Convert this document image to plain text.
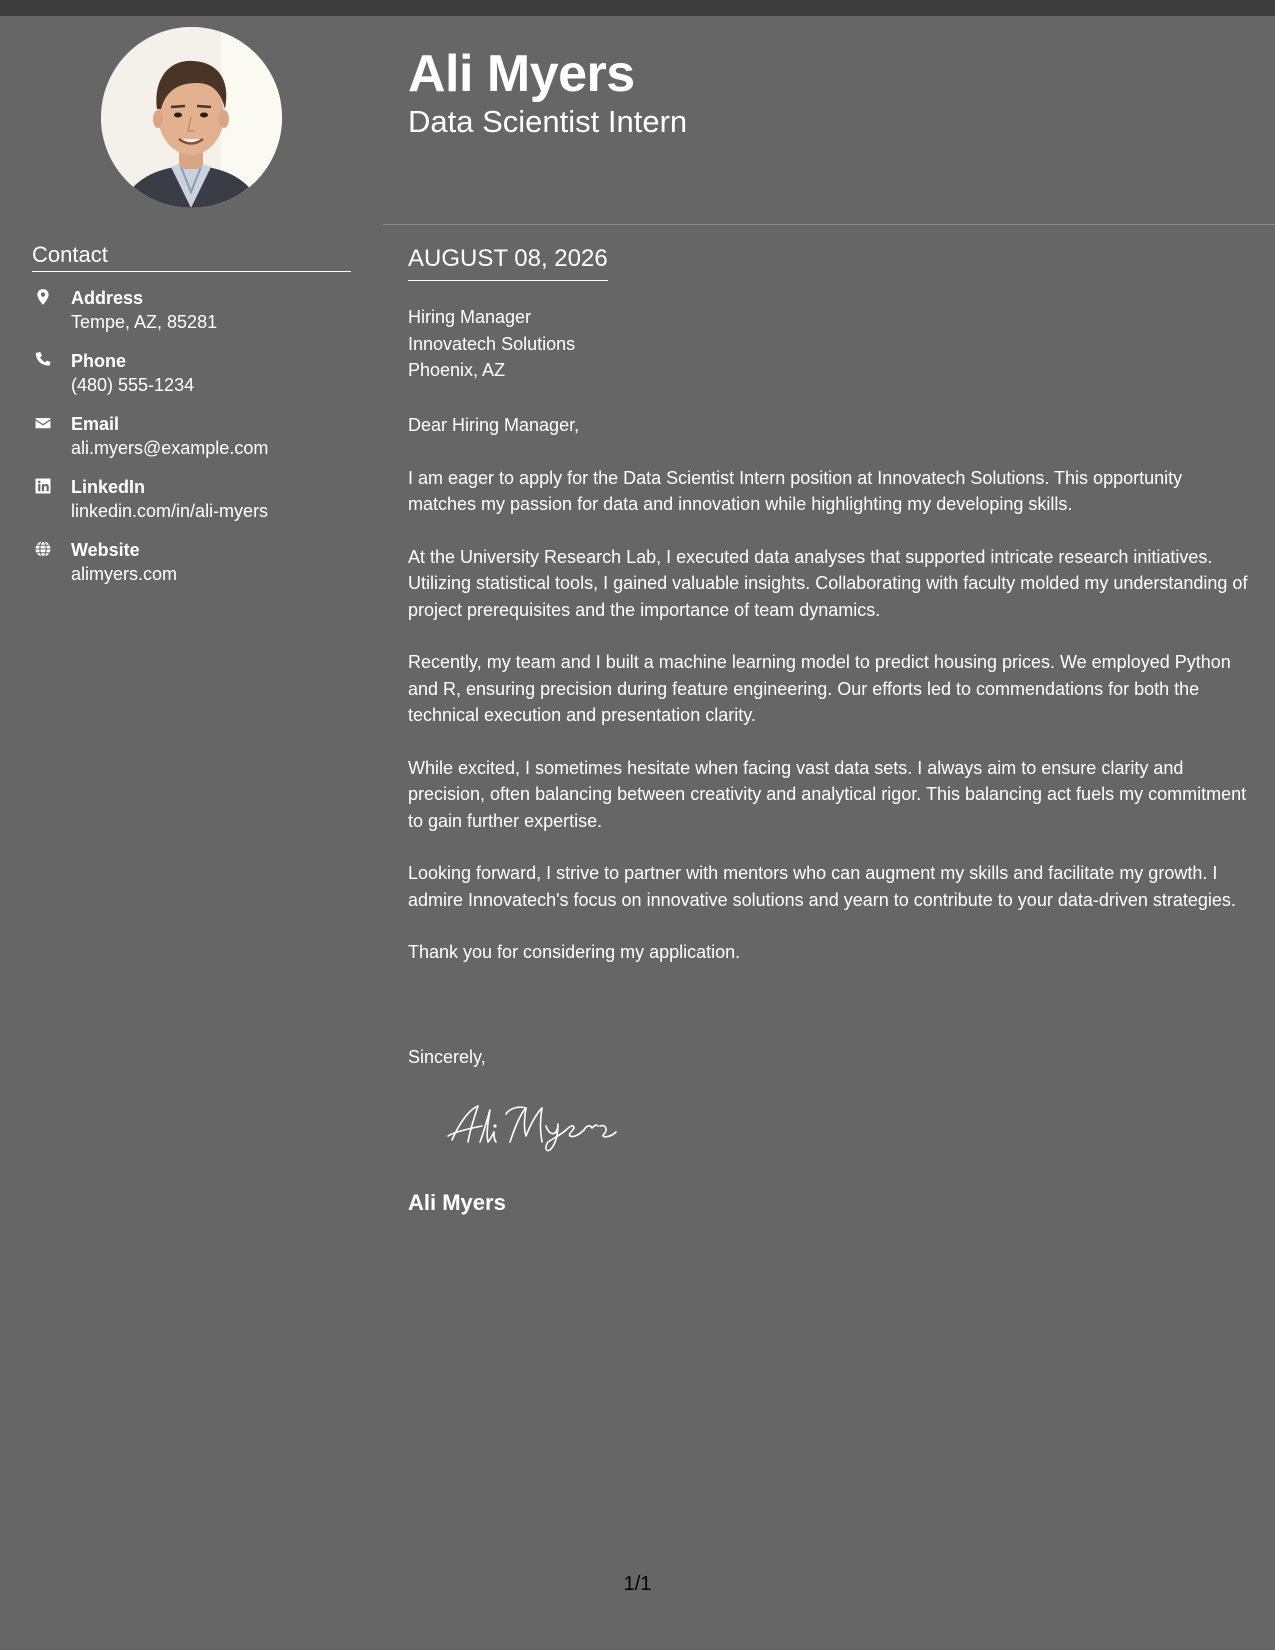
Contact
Address
Tempe, AZ, 85281
Phone
(480) 555-1234
Email
ali.myers@example.com
LinkedIn
linkedin.com/in/ali-myers
Website
alimyers.com
Ali Myers
Data Scientist Intern
AUGUST 08, 2026
Hiring Manager
Innovatech Solutions
Phoenix, AZ

Dear Hiring Manager,

I am eager to apply for the Data Scientist Intern position at Innovatech Solutions. This opportunity matches my passion for data and innovation while highlighting my developing skills.

At the University Research Lab, I executed data analyses that supported intricate research initiatives. Utilizing statistical tools, I gained valuable insights. Collaborating with faculty molded my understanding of project prerequisites and the importance of team dynamics.

Recently, my team and I built a machine learning model to predict housing prices. We employed Python and R, ensuring precision during feature engineering. Our efforts led to commendations for both the technical execution and presentation clarity.

While excited, I sometimes hesitate when facing vast data sets. I always aim to ensure clarity and precision, often balancing between creativity and analytical rigor. This balancing act fuels my commitment to gain further expertise.

Looking forward, I strive to partner with mentors who can augment my skills and facilitate my growth. I admire Innovatech's focus on innovative solutions and yearn to contribute to your data-driven strategies.

Thank you for considering my application.

Sincerely,
Ali Myers
1/1
